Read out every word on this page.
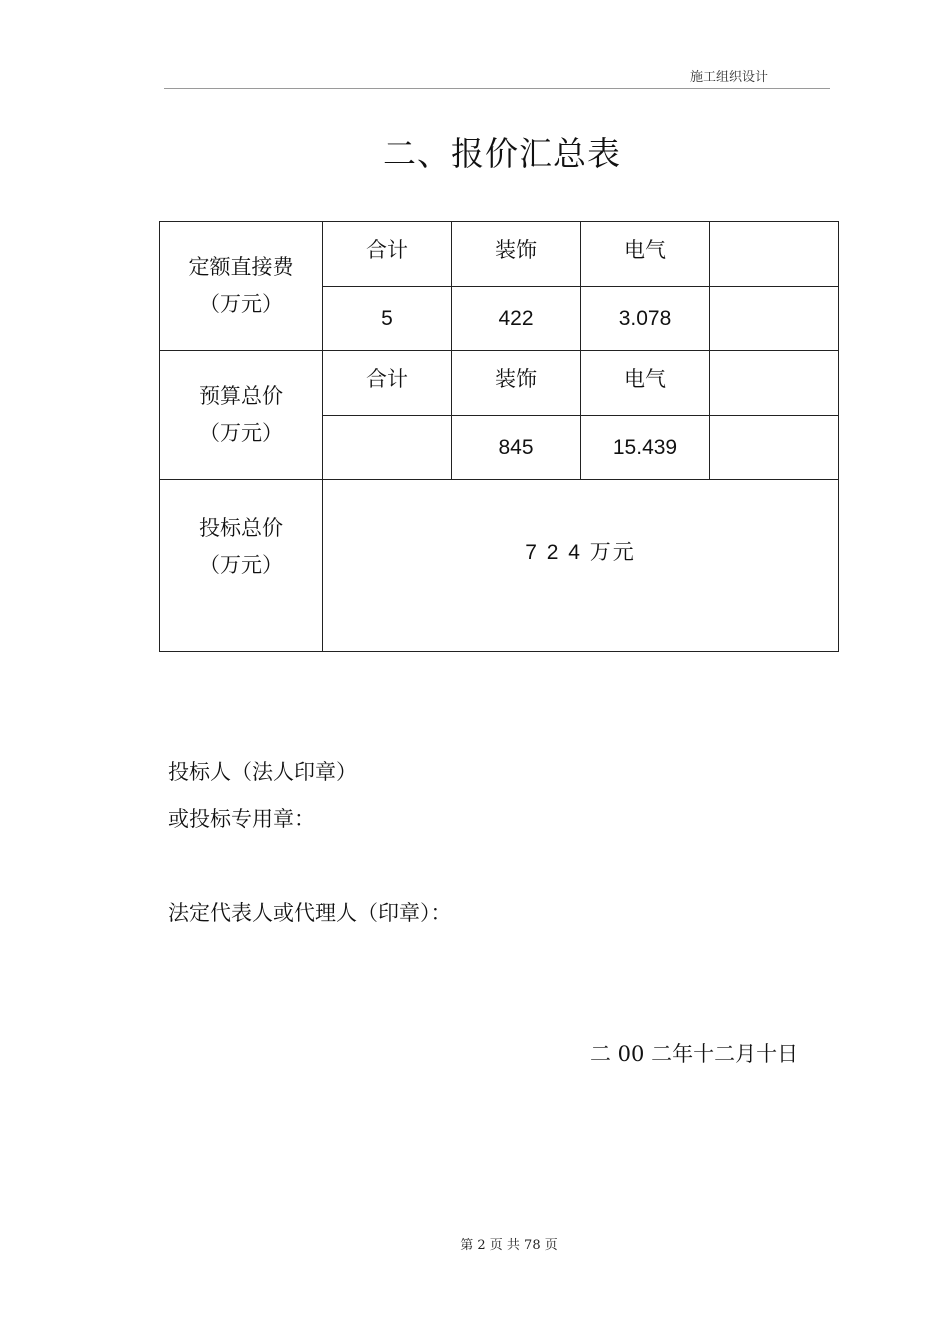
施工组织设计
二、报价汇总表
定额直接费
（万元）	合计	装饰	电气	
	5	422	3.078	

预算总价
（万元）	合计	装饰	电气	
		845	15.439	

投标总价
（万元）	7 2 4 万元			
投标人（法人印章）
或投标专用章：
法定代表人或代理人（印章）：
二 00 二年十二月十日
第 2 页 共 78 页
